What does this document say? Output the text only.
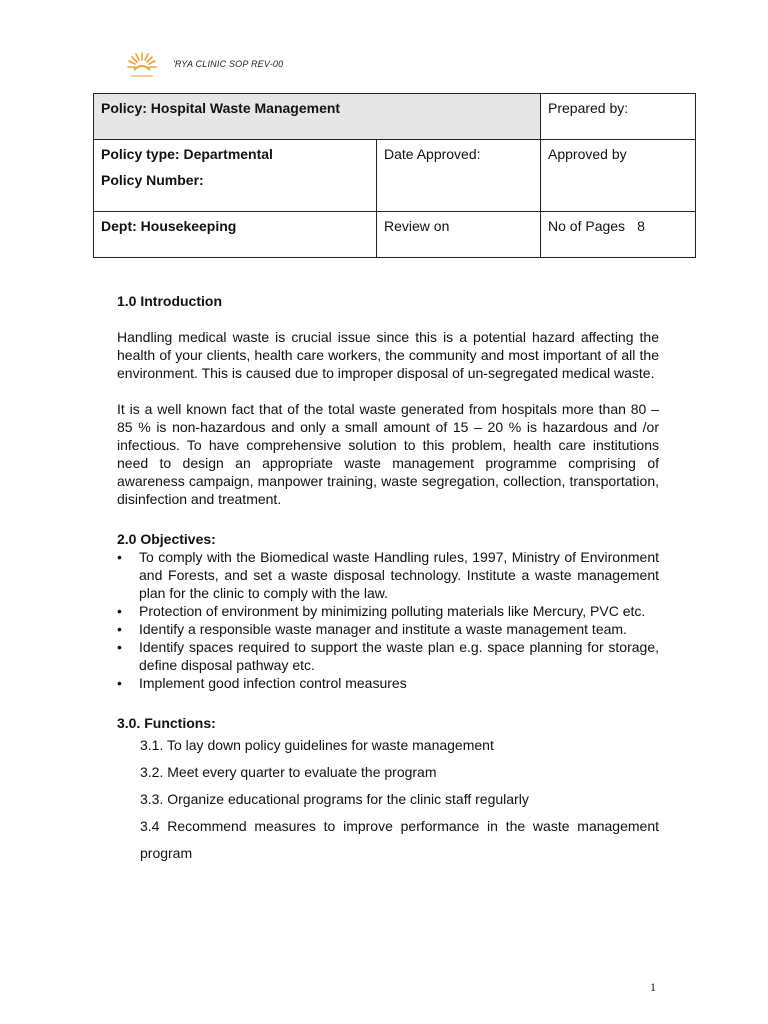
'RYA CLINIC SOP REV-00
Policy: Hospital Waste Management		Prepared by:

Policy type: Departmental
Policy Number:	Date Approved:	Approved by
Dept: Housekeeping	Review on	No of Pages 8
1.0 Introduction

Handling medical waste is crucial issue since this is a potential hazard affecting the health of your clients, health care workers, the community and most important of all the environment. This is caused due to improper disposal of un-segregated medical waste.

It is a well known fact that of the total waste generated from hospitals more than 80 – 85 % is non-hazardous and only a small amount of 15 – 20 % is hazardous and /or infectious. To have comprehensive solution to this problem, health care institutions need to design an appropriate waste management programme comprising of awareness campaign, manpower training, waste segregation, collection, transportation, disinfection and treatment.

2.0 Objectives:
• To comply with the Biomedical waste Handling rules, 1997, Ministry of Environment and Forests, and set a waste disposal technology. Institute a waste management plan for the clinic to comply with the law.
• Protection of environment by minimizing polluting materials like Mercury, PVC etc.
• Identify a responsible waste manager and institute a waste management team.
• Identify spaces required to support the waste plan e.g. space planning for storage, define disposal pathway etc.
• Implement good infection control measures
3.0. Functions:
3.1. To lay down policy guidelines for waste management
3.2. Meet every quarter to evaluate the program
3.3. Organize educational programs for the clinic staff regularly
3.4 Recommend measures to improve performance in the waste management program
1
